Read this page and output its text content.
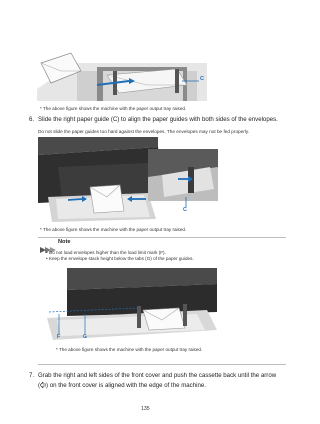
C
* The above figure shows the machine with the paper output tray raised.
6. Slide the right paper guide (C) to align the paper guides with both sides of the envelopes.
Do not slide the paper guides too hard against the envelopes. The envelopes may not be fed properly.
C
* The above figure shows the machine with the paper output tray raised.
Note
• Do not load envelopes higher than the load limit mark (F).
• Keep the envelope stack height below the tabs (G) of the paper guides.
F	G
* The above figure shows the machine with the paper output tray raised.
7. Grab the right and left sides of the front cover and push the cassette back until the arrow
( ) on the front cover is aligned with the edge of the machine.
135
